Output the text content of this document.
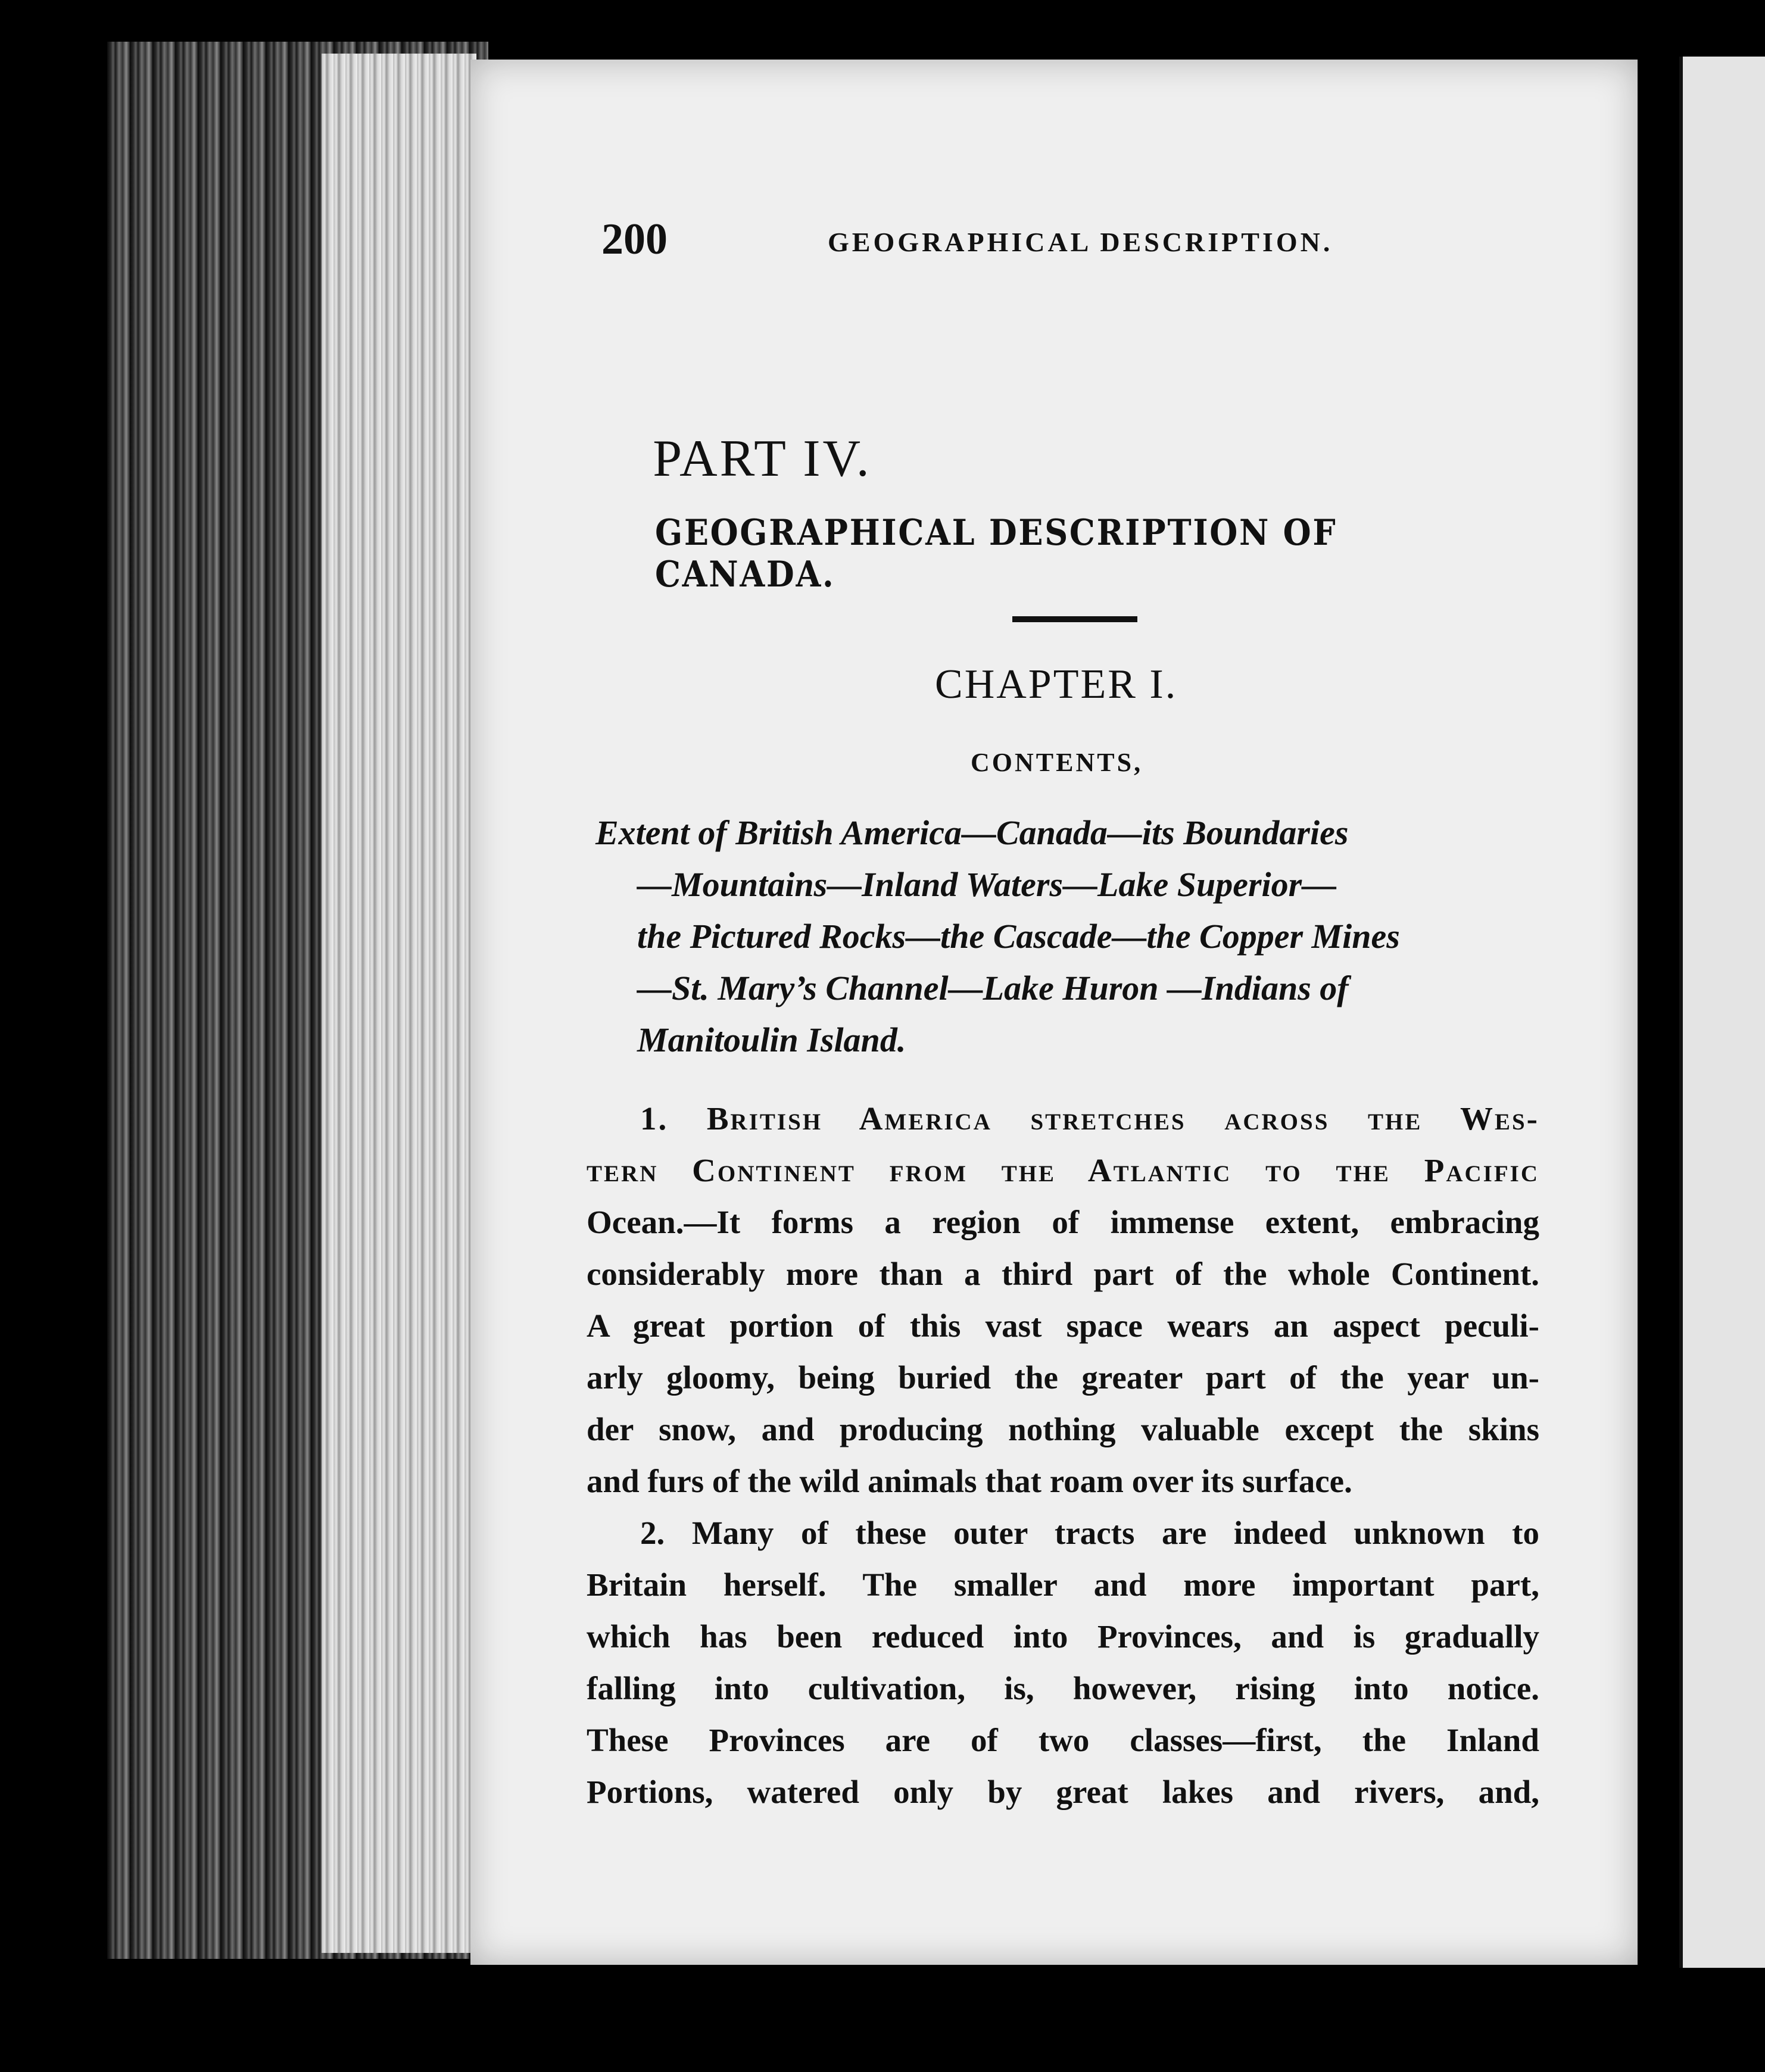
200	GEOGRAPHICAL DESCRIPTION.
PART IV.
GEOGRAPHICAL DESCRIPTION OF CANADA.
CHAPTER I.
CONTENTS,
Extent of British America—Canada—its Boundaries
—Mountains—Inland Waters—Lake Superior—
the Pictured Rocks—the Cascade—the Copper Mines
—St. Mary’s Channel—Lake Huron —Indians of
Manitoulin Island.
1. British America stretches across the Wes-
tern Continent from the Atlantic to the Pacific
Ocean.—It forms a region of immense extent, embracing
considerably more than a third part of the whole Continent.
A great portion of this vast space wears an aspect peculi-
arly gloomy, being buried the greater part of the year un-
der snow, and producing nothing valuable except the skins
and furs of the wild animals that roam over its surface.
2. Many of these outer tracts are indeed unknown to
Britain herself. The smaller and more important part,
which has been reduced into Provinces, and is gradually
falling into cultivation, is, however, rising into notice.
These Provinces are of two classes—first, the Inland
Portions, watered only by great lakes and rivers, and,
